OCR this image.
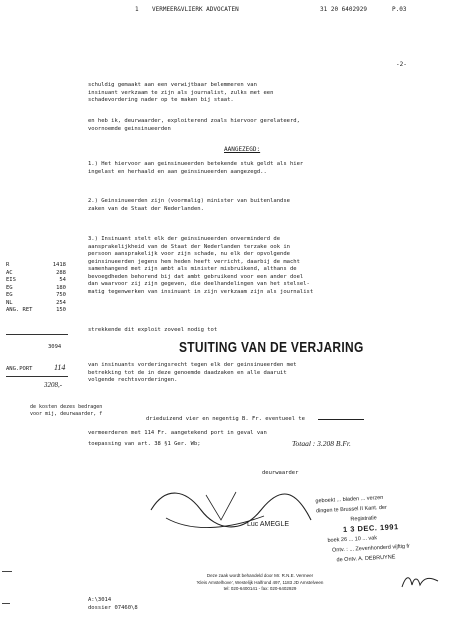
1 VERMEER&VLIERK ADVOCATEN	31 20 6402929	P.03
-2-
schuldig gemaakt aan een verwijtbaar belemmeren van
insinuant verkzaam te zijn als journalist, zulks met een
schadevordering nader op te maken bij staat.
en heb ik, deurwaarder, exploiterend zoals hiervoor gerelateerd,
voornoemde geinsinueerden
AANGEZEGD:
1.) Het hiervoor aan geinsinueerden betekende stuk geldt als hier
ingelast en herhaald en aan geinsinueerden aangezegd..
2.) Geinsinueerden zijn (voormalig) minister van buitenlandse
zaken van de Staat der Nederlanden.
3.) Insinuant stelt elk der geinsinueerden onverminderd de
aansprakelijkheid van de Staat der Nederlanden terzake ook in
persoon aansprakelijk voor zijn schade, nu elk der opvolgende
geinsinueerden jegens hem heden heeft verricht, daarbij de macht
samenhangend met zijn ambt als minister misbruikend, althans de
bevoegdheden behorend bij dat ambt gebruikend voor een ander doel
dan waarvoor zij zijn gegeven, die deelhandelingen van het stelsel-
matig tegenwerken van insinuant in zijn verkzaam zijn als journalist
R	1418
AC	288
EIS	54
EG	180
EG	750
NL	254
ANG. RET	150
3094
ANG.PORT	114
3208,-
strekkende dit exploit zoveel nodig tot
STUITING VAN DE VERJARING
van insinuants vorderingsrecht tegen elk der geinsinueerden met
betrekking tot de in deze genoemde daadzaken en alle daaruit
volgende rechtsvorderingen.
de kosten dezes bedragen
voor mij, deurwaarder, f
drieduizend vier en negentig B. Fr. eventueel te
vermeerderen met 114 Fr. aangetekend port in geval van
toepassing van art. 38 §1 Ger. Wb;	Totaal : 3.208 B.Fr.
deurwaarder
Luc AMEGLE
geboekt ... bladen ... verzen
dingen te Brussel II Kant. der
Registratie
1 3 DEC. 1991
boek 26 ... 10 ... vak
Ontv. : ... Zevenhonderd vijftig fr
de Ontv. A. DEBRUYNE
Deze zaak wordt behandeld door Mr. R.N.E. Vermeer
'Kleis Amstelhove', Westelijk Halfrond 497, 1183 JD Amstelveen
tel: 020-6400141 - fax: 020-6402929
A:\3014
dossier 07460\8
